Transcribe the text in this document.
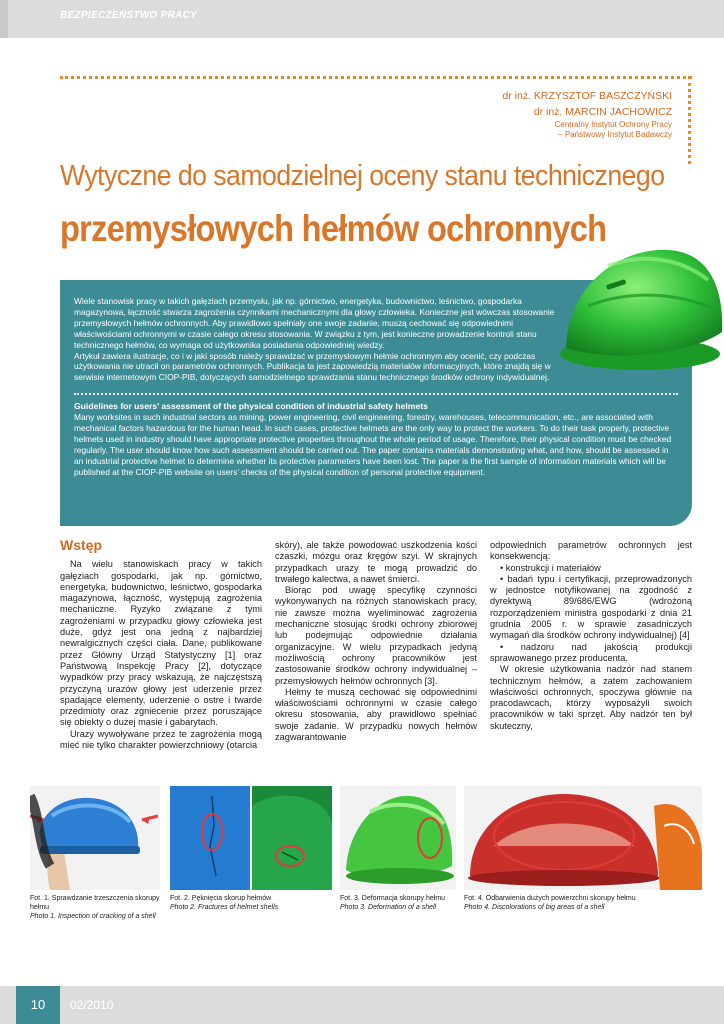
BEZPIECZEŃSTWO PRACY
dr inż. KRZYSZTOF BASZCZYŃSKI
dr inż. MARCIN JACHOWICZ
Centralny Instytut Ochrony Pracy
– Państwowy Instytut Badawczy
Wytyczne do samodzielnej oceny stanu technicznego
przemysłowych hełmów ochronnych

Wiele stanowisk pracy w takich gałęziach przemysłu, jak np. górnictwo, energetyka, budownictwo, leśnictwo, gospodarka magazynowa, łączność stwarza zagrożenia czynnikami mechanicznymi dla głowy człowieka. Konieczne jest wówczas stosowanie przemysłowych hełmów ochronnych. Aby prawidłowo spełniały one swoje zadanie, muszą cechować się odpowiednimi właściwościami ochronnymi w czasie całego okresu stosowania. W związku z tym, jest konieczne prowadzenie kontroli stanu technicznego hełmów, co wymaga od użytkownika posiadania odpowiedniej wiedzy.

Artykuł zawiera ilustracje, co i w jaki sposób należy sprawdzać w przemysłowym hełmie ochronnym aby ocenić, czy podczas użytkowania nie utracił on parametrów ochronnych. Publikacja ta jest zapowiedzią materiałów informacyjnych, które znajdą się w serwisie internetowym CIOP-PIB, dotyczących samodzielnego sprawdzania stanu technicznego środków ochrony indywidualnej.

Guidelines for users’ assessment of the physical condition of industrial safety helmets

Many worksites in such industrial sectors as mining, power engineering, civil engineering, forestry, warehouses, telecommunication, etc., are associated with mechanical factors hazardous for the human head. In such cases, protective helmets are the only way to protect the workers. To do their task properly, protective helmets used in industry should have appropriate protective properties throughout the whole period of usage. Therefore, their physical condition must be checked regularly. The user should know how such assessment should be carried out. The paper contains materials demonstrating what, and how, should be assessed in an industrial protective helmet to determine whether its protective parameters have been lost. The paper is the first sample of information materials which will be published at the CIOP-PIB website on users’ checks of the physical condition of personal protective equipment.

Wstęp

Na wielu stanowiskach pracy w takich gałęziach gospodarki, jak np. górnictwo, energetyka, budownictwo, leśnictwo, gospodarka magazynowa, łączność, występują zagrożenia mechaniczne. Ryzyko związane z tymi zagrożeniami w przypadku głowy człowieka jest duże, gdyż jest ona jedną z najbardziej newralgicznych części ciała. Dane, publikowane przez Główny Urząd Statystyczny [1] oraz Państwową Inspekcję Pracy [2], dotyczące wypadków przy pracy wskazują, że najczęstszą przyczyną urazów głowy jest uderzenie przez spadające elementy, uderzenie o ostre i twarde przedmioty oraz zgniecenie przez poruszające się obiekty o dużej masie i gabarytach.

Urazy wywoływane przez te zagrożenia mogą mieć nie tylko charakter powierzchniowy (otarcia

skóry), ale także powodować uszkodzenia kości czaszki, mózgu oraz kręgów szyi. W skrajnych przypadkach urazy te mogą prowadzić do trwałego kalectwa, a nawet śmierci.

Biorąc pod uwagę specyfikę czynności wykonywanych na różnych stanowiskach pracy, nie zawsze można wyeliminować zagrożenia mechaniczne stosując środki ochrony zbiorowej lub podejmując odpowiednie działania organizacyjne. W wielu przypadkach jedyną możliwością ochrony pracowników jest zastosowanie środków ochrony indywidualnej – przemysłowych hełmów ochronnych [3].

Hełmy te muszą cechować się odpowiednimi właściwościami ochronnymi w czasie całego okresu stosowania, aby prawidłowo spełniać swoje zadanie. W przypadku nowych hełmów zagwarantowanie

odpowiednich parametrów ochronnych jest konsekwencją:

• konstrukcji i materiałów

• badań typu i certyfikacji, przeprowadzonych w jednostce notyfikowanej na zgodność z dyrektywą 89/686/EWG (wdrożoną rozporządzeniem ministra gospodarki z dnia 21 grudnia 2005 r. w sprawie zasadniczych wymagań dla środków ochrony indywidualnej) [4]

• nadzoru nad jakością produkcji sprawowanego przez producenta.

W okresie użytkowania nadzór nad stanem technicznym hełmów, a zatem zachowaniem właściwości ochronnych, spoczywa głównie na pracodawcach, którzy wyposażyli swoich pracowników w taki sprzęt. Aby nadzór ten był skuteczny,

Fot. 1. Sprawdzanie trzeszczenia skorupy hełmu
Photo 1. Inspection of cracking of a shell
Fot. 2. Pęknięcia skorup hełmów
Photo 2. Fractures of helmet shells
Fot. 3. Deformacja skorupy hełmu
Photo 3. Deformation of a shell
Fot. 4. Odbarwienia dużych powierzchni skorupy hełmu
Photo 4. Discolorations of big areas of a shell
10	02/2010
